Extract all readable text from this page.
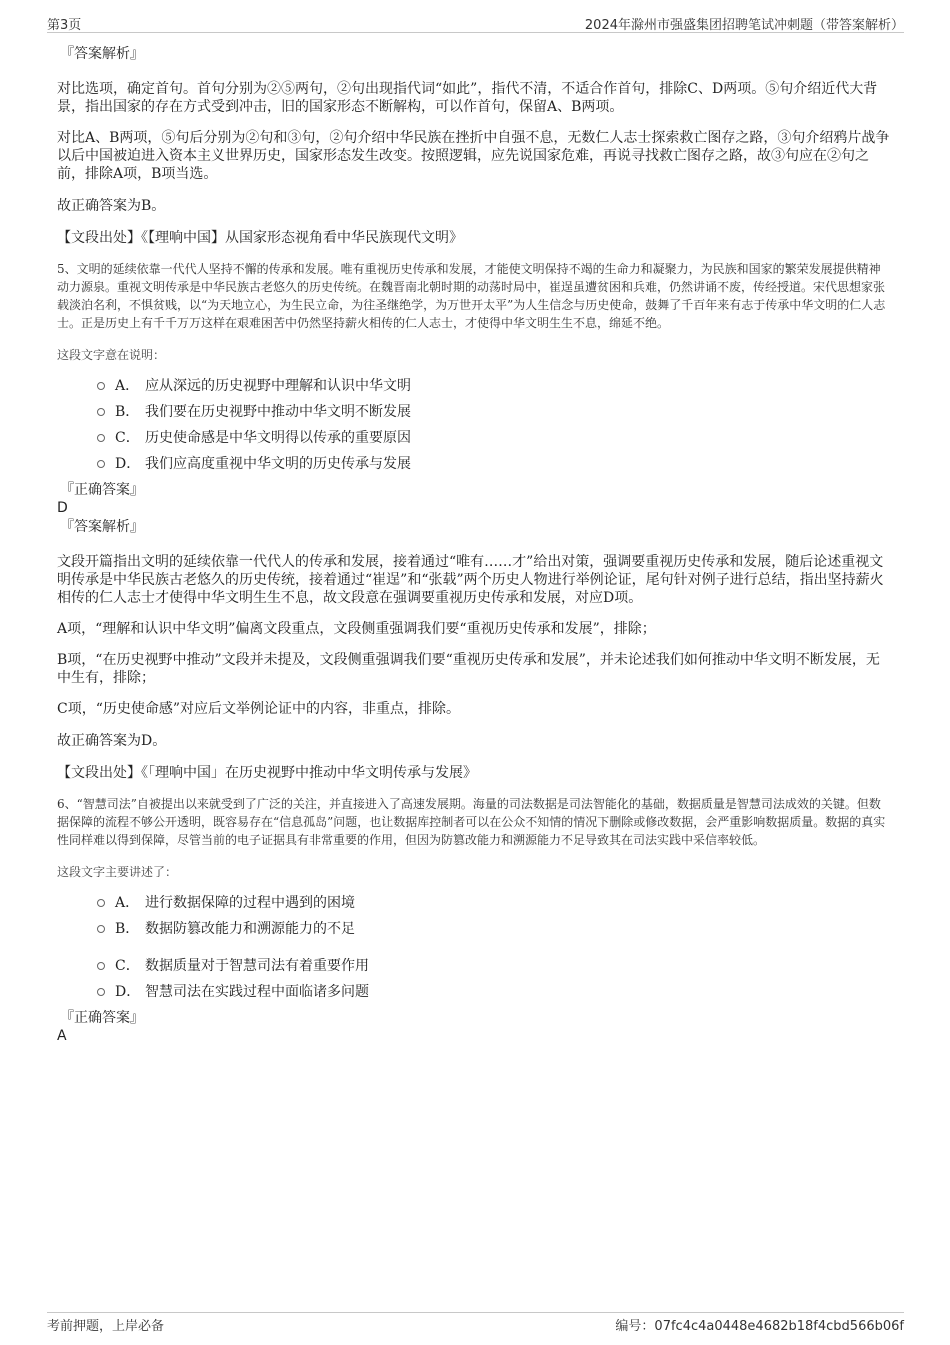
第3页	2024年滁州市强盛集团招聘笔试冲刺题（带答案解析）

『答案解析』

对比选项，确定首句。首句分别为②⑤两句，②句出现指代词“如此”，指代不清，不适合作首句，排除C、D两项。⑤句介绍近代大背景，指出国家的存在方式受到冲击，旧的国家形态不断解构，可以作首句，保留A、B两项。

对比A、B两项，⑤句后分别为②句和③句，②句介绍中华民族在挫折中自强不息，无数仁人志士探索救亡图存之路，③句介绍鸦片战争以后中国被迫进入资本主义世界历史，国家形态发生改变。按照逻辑，应先说国家危难，再说寻找救亡图存之路，故③句应在②句之前，排除A项，B项当选。

故正确答案为B。

【文段出处】《【理响中国】从国家形态视角看中华民族现代文明》

5、文明的延续依靠一代代人坚持不懈的传承和发展。唯有重视历史传承和发展，才能使文明保持不竭的生命力和凝聚力，为民族和国家的繁荣发展提供精神动力源泉。重视文明传承是中华民族古老悠久的历史传统。在魏晋南北朝时期的动荡时局中，崔逞虽遭贫困和兵难，仍然讲诵不废，传经授道。宋代思想家张载淡泊名利，不惧贫贱，以“为天地立心，为生民立命，为往圣继绝学，为万世开太平”为人生信念与历史使命，鼓舞了千百年来有志于传承中华文明的仁人志士。正是历史上有千千万万这样在艰难困苦中仍然坚持薪火相传的仁人志士，才使得中华文明生生不息，绵延不绝。

这段文字意在说明：

A． 应从深远的历史视野中理解和认识中华文明
B． 我们要在历史视野中推动中华文明不断发展
C． 历史使命感是中华文明得以传承的重要原因
D． 我们应高度重视中华文明的历史传承与发展

『正确答案』

D

『答案解析』

文段开篇指出文明的延续依靠一代代人的传承和发展，接着通过“唯有……才”给出对策，强调要重视历史传承和发展，随后论述重视文明传承是中华民族古老悠久的历史传统，接着通过“崔逞”和“张载”两个历史人物进行举例论证，尾句针对例子进行总结，指出坚持薪火相传的仁人志士才使得中华文明生生不息，故文段意在强调要重视历史传承和发展，对应D项。

A项，“理解和认识中华文明”偏离文段重点，文段侧重强调我们要“重视历史传承和发展”，排除；

B项，“在历史视野中推动”文段并未提及，文段侧重强调我们要“重视历史传承和发展”，并未论述我们如何推动中华文明不断发展，无中生有，排除；

C项，“历史使命感”对应后文举例论证中的内容，非重点，排除。

故正确答案为D。

【文段出处】《「理响中国」在历史视野中推动中华文明传承与发展》

6、“智慧司法”自被提出以来就受到了广泛的关注，并直接进入了高速发展期。海量的司法数据是司法智能化的基础，数据质量是智慧司法成效的关键。但数据保障的流程不够公开透明，既容易存在“信息孤岛”问题，也让数据库控制者可以在公众不知情的情况下删除或修改数据，会严重影响数据质量。数据的真实性同样难以得到保障，尽管当前的电子证据具有非常重要的作用，但因为防篡改能力和溯源能力不足导致其在司法实践中采信率较低。

这段文字主要讲述了：

A． 进行数据保障的过程中遇到的困境
B． 数据防篡改能力和溯源能力的不足
C． 数据质量对于智慧司法有着重要作用
D． 智慧司法在实践过程中面临诸多问题

『正确答案』

A

考前押题，上岸必备	编号：07fc4c4a0448e4682b18f4cbd566b06f
